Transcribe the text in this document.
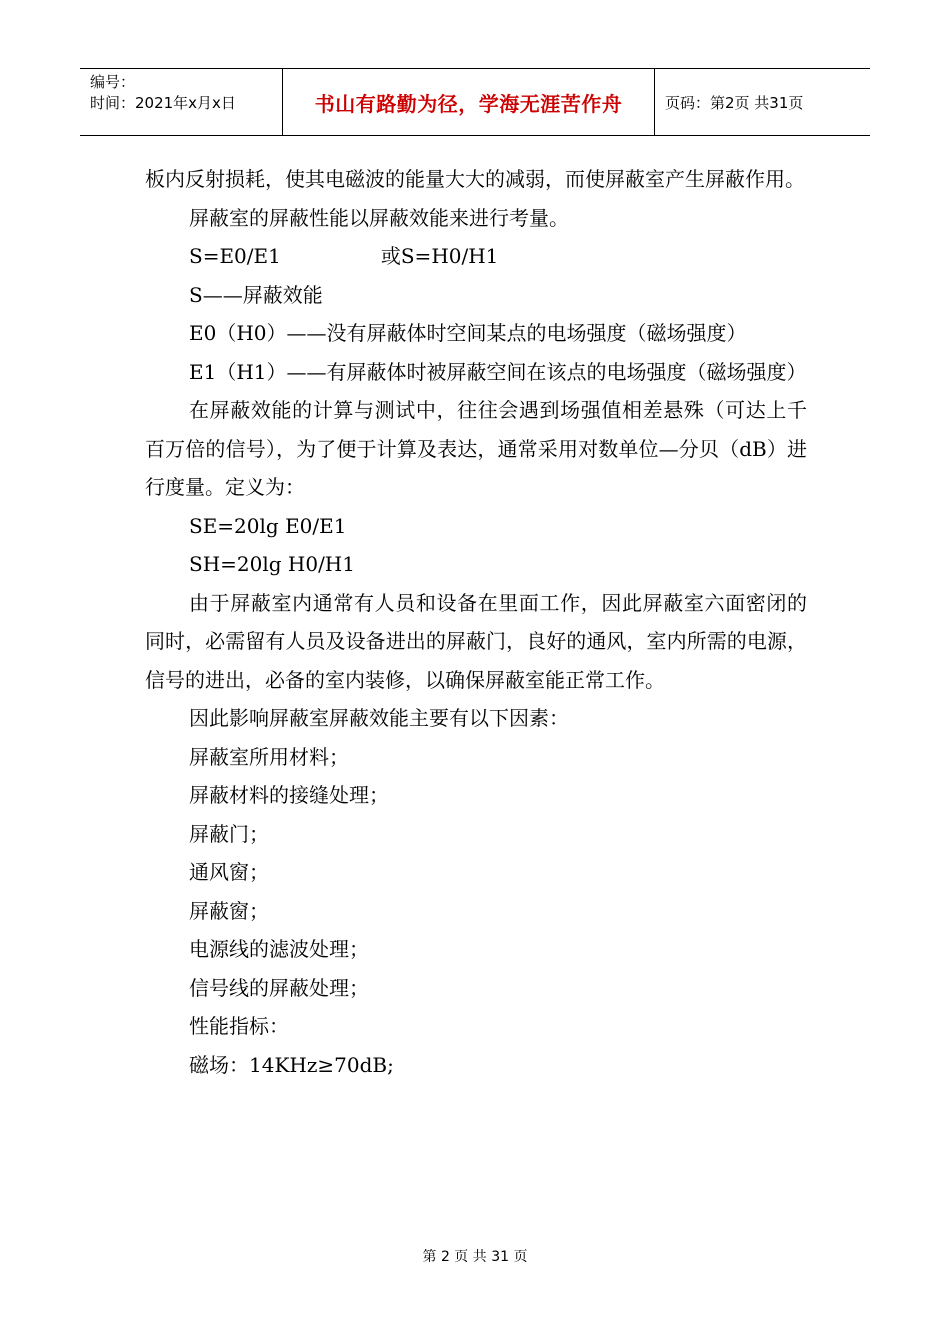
编号：
时间：2021年x月x日	书山有路勤为径，学海无涯苦作舟	页码：第2页 共31页

板内反射损耗，使其电磁波的能量大大的减弱，而使屏蔽室产生屏蔽作用。

屏蔽室的屏蔽性能以屏蔽效能来进行考量。

S=E0/E1	或S=H0/H1

S——屏蔽效能

E0（H0）——没有屏蔽体时空间某点的电场强度（磁场强度）

E1（H1）——有屏蔽体时被屏蔽空间在该点的电场强度（磁场强度）

在屏蔽效能的计算与测试中，往往会遇到场强值相差悬殊（可达上千百万倍的信号），为了便于计算及表达，通常采用对数单位—分贝（dB）进行度量。定义为：

SE=20lg E0/E1

SH=20lg H0/H1

由于屏蔽室内通常有人员和设备在里面工作，因此屏蔽室六面密闭的同时，必需留有人员及设备进出的屏蔽门，良好的通风，室内所需的电源，信号的进出，必备的室内装修，以确保屏蔽室能正常工作。

因此影响屏蔽室屏蔽效能主要有以下因素：

屏蔽室所用材料；

屏蔽材料的接缝处理；

屏蔽门；

通风窗；

屏蔽窗；

电源线的滤波处理；

信号线的屏蔽处理；

性能指标：

磁场：14KHz≥70dB;

第 2 页 共 31 页
